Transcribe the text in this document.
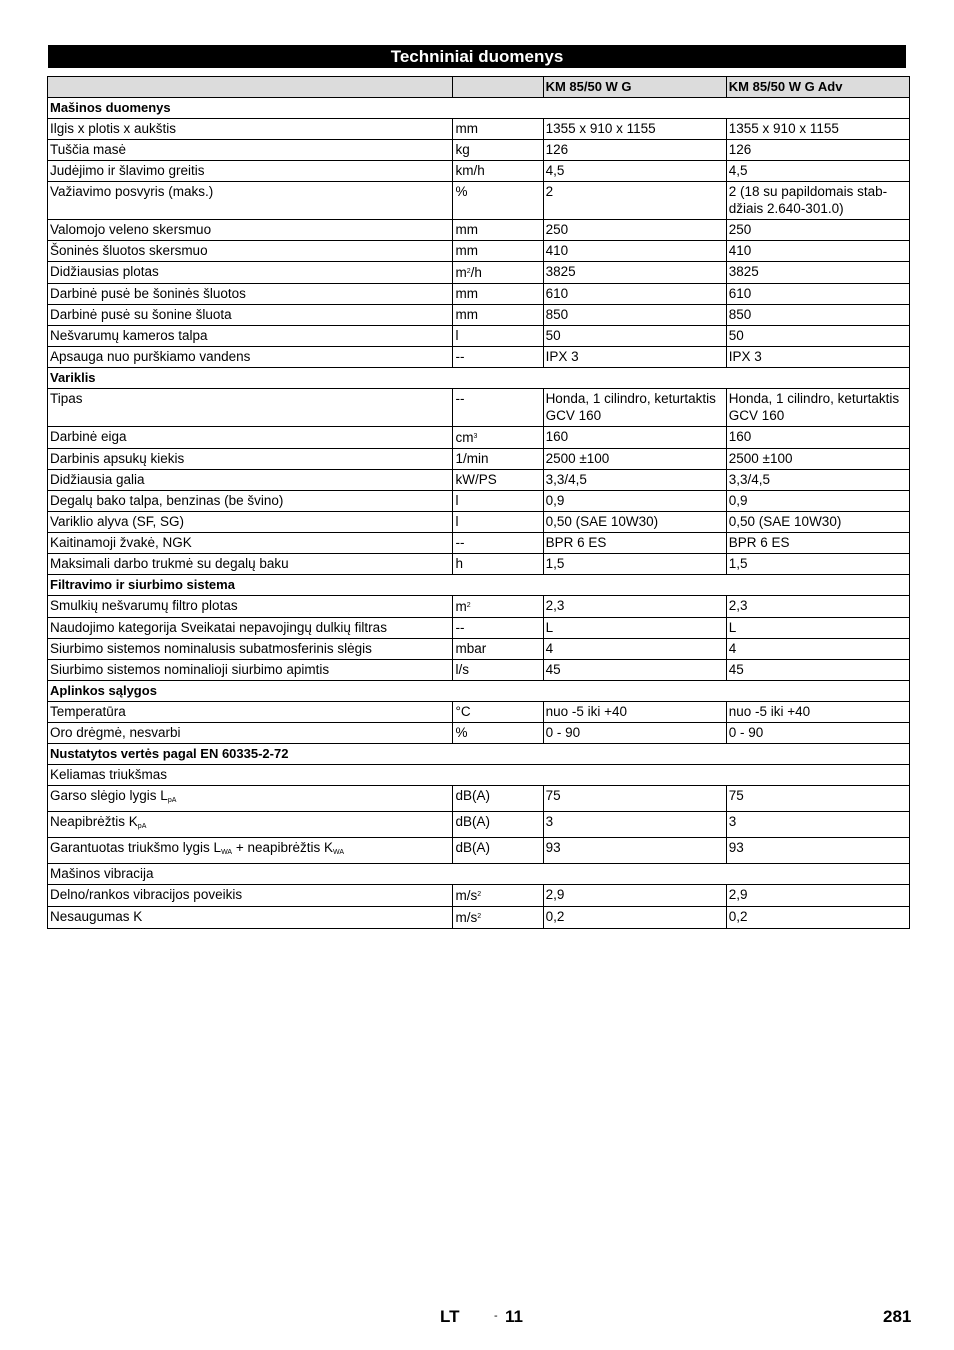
Techniniai duomenys
		KM 85/50 W G	KM 85/50 W G Adv
Mašinos duomenys			
Ilgis x plotis x aukštis	mm	1355 x 910 x 1155	1355 x 910 x 1155
Tuščia masė	kg	126	126
Judėjimo ir šlavimo greitis	km/h	4,5	4,5
Važiavimo posvyris (maks.)	%	2	2 (18 su papildomais stab-džiais 2.640-301.0)
Valomojo veleno skersmuo	mm	250	250
Šoninės šluotos skersmuo	mm	410	410
Didžiausias plotas	$m^2/h$	3825	3825
Darbinė pusė be šoninės šluotos	mm	610	610
Darbinė pusė su šonine šluota	mm	850	850
Nešvarumų kameros talpa	l	50	50
Apsauga nuo purškiamo vandens	--	IPX 3	IPX 3
Variklis			
Tipas	--	Honda, 1 cilindro, keturtaktis GCV 160	Honda, 1 cilindro, keturtaktis GCV 160
Darbinė eiga	$cm^3$	160	160
Darbinis apsukų kiekis	1/min	2500 ±100	2500 ±100
Didžiausia galia	kW/PS	3,3/4,5	3,3/4,5
Degalų bako talpa, benzinas (be švino)	l	0,9	0,9
Variklio alyva (SF, SG)	l	0,50 (SAE 10W30)	0,50 (SAE 10W30)
Kaitinamoji žvakė, NGK	--	BPR 6 ES	BPR 6 ES
Maksimali darbo trukmė su degalų baku	h	1,5	1,5
Filtravimo ir siurbimo sistema			
Smulkių nešvarumų filtro plotas	$m^2$	2,3	2,3
Naudojimo kategorija Sveikatai nepavojingų dulkių filtras	--	L	L
Siurbimo sistemos nominalusis subatmosferinis slėgis	mbar	4	4
Siurbimo sistemos nominalioji siurbimo apimtis	l/s	45	45
Aplinkos sąlygos			
Temperatūra	°C	nuo -5 iki +40	nuo -5 iki +40
Oro drėgmė, nesvarbi	%	0 - 90	0 - 90
Nustatytos vertės pagal EN 60335-2-72			
Keliamas triukšmas			
Garso slėgio lygis $L_{pA}$	dB(A)	75	75
Neapibrėžtis $K_{pA}$	dB(A)	3	3
Garantuotas triukšmo lygis $L_{WA}$ + neapibrėžtis $K_{WA}$	dB(A)	93	93
Mašinos vibracija			
Delno/rankos vibracijos poveikis	$m/s^2$	2,9	2,9
Nesaugumas K	$m/s^2$	0,2	0,2
LT	- 11	281
